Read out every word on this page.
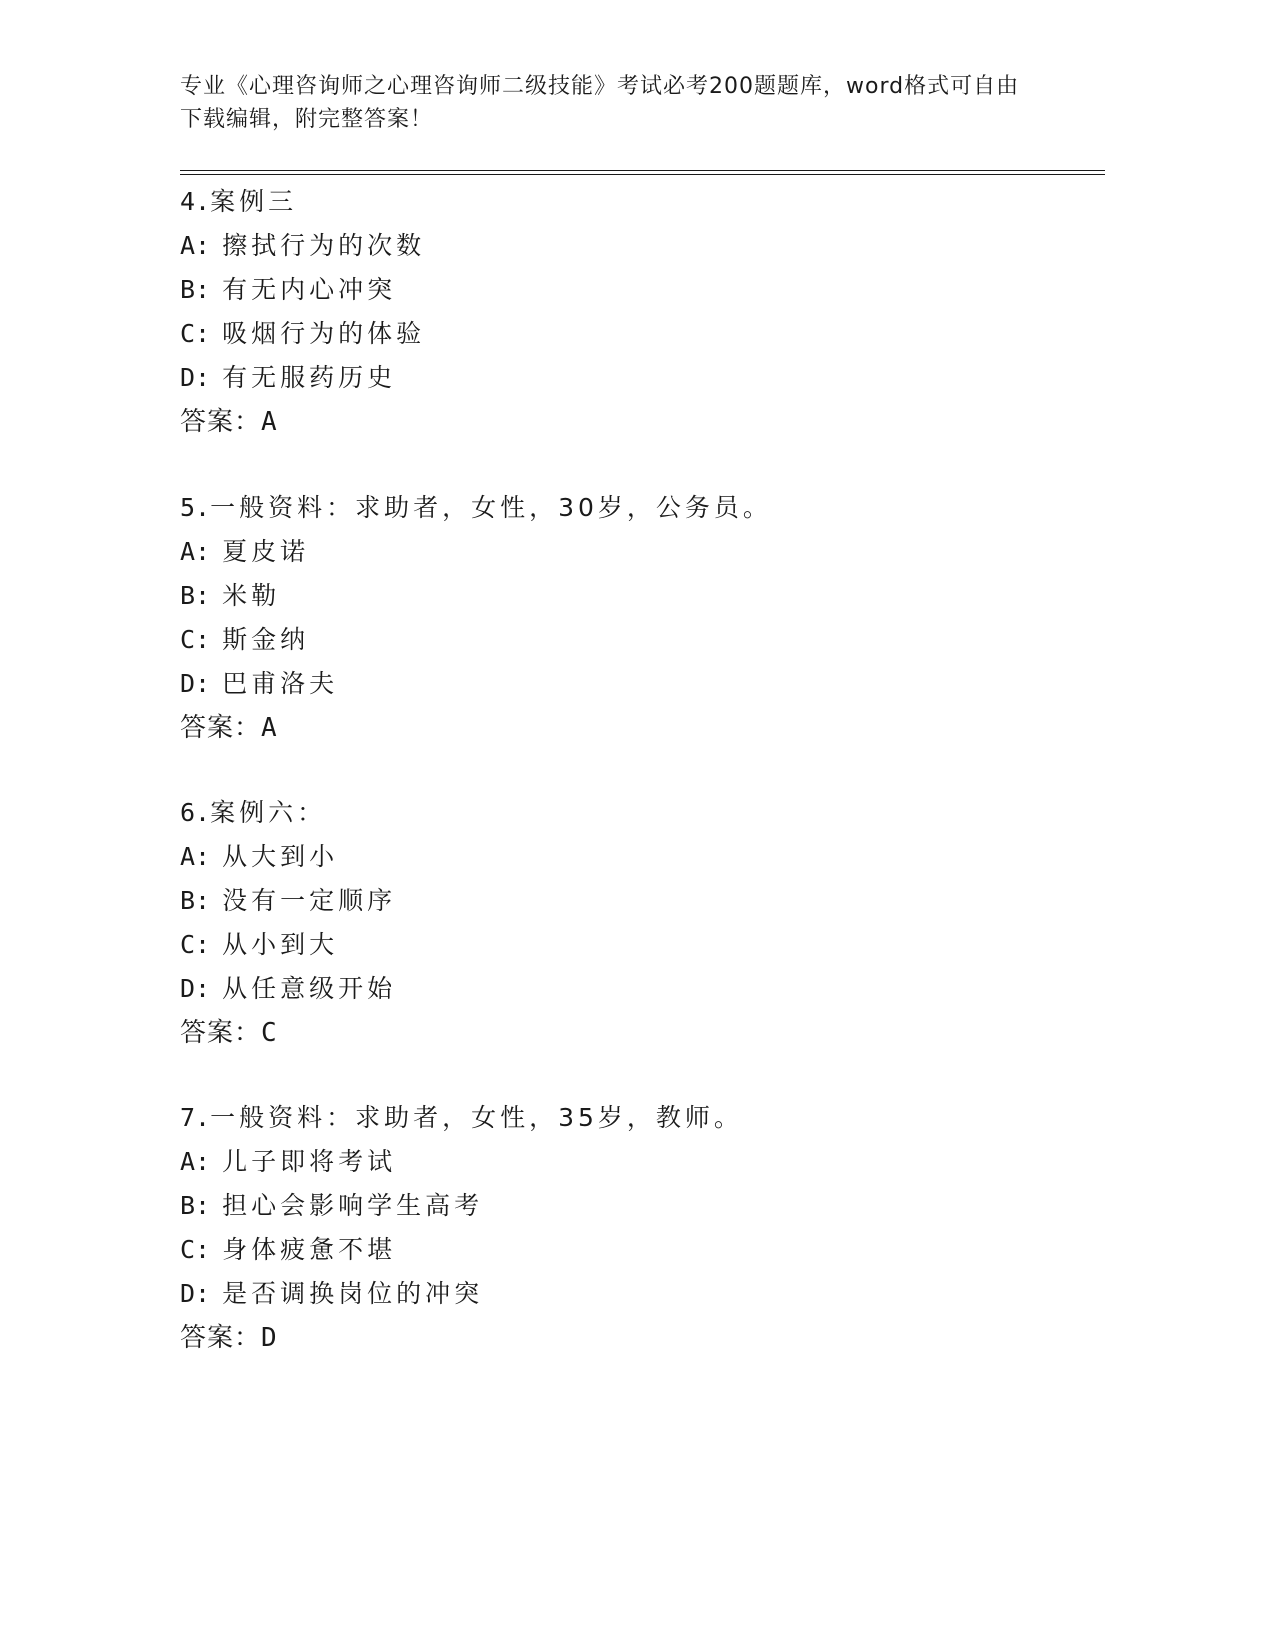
专业《心理咨询师之心理咨询师二级技能》考试必考200题题库，word格式可自由下载编辑，附完整答案！
4.案例三
A: 擦拭行为的次数
B: 有无内心冲突
C: 吸烟行为的体验
D: 有无服药历史
答案：A
5.一般资料：求助者，女性，30岁，公务员。
A: 夏皮诺
B: 米勒
C: 斯金纳
D: 巴甫洛夫
答案：A
6.案例六：
A: 从大到小
B: 没有一定顺序
C: 从小到大
D: 从任意级开始
答案：C
7.一般资料：求助者，女性，35岁，教师。
A: 儿子即将考试
B: 担心会影响学生高考
C: 身体疲惫不堪
D: 是否调换岗位的冲突
答案：D
